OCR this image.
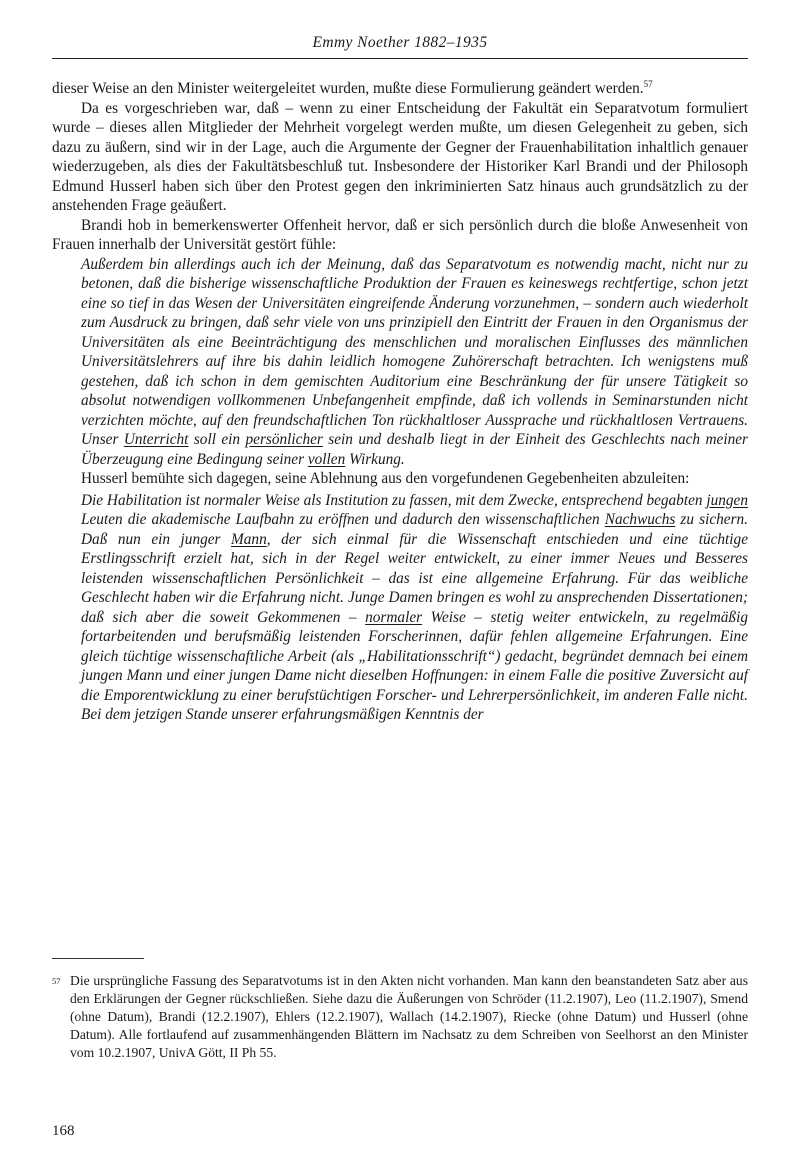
Emmy Noether 1882–1935

dieser Weise an den Minister weitergeleitet wurden, mußte diese Formulierung geändert werden.$^{57}$

Da es vorgeschrieben war, daß – wenn zu einer Entscheidung der Fakultät ein Separatvotum formuliert wurde – dieses allen Mitglieder der Mehrheit vorgelegt werden mußte, um diesen Gelegenheit zu geben, sich dazu zu äußern, sind wir in der Lage, auch die Argumente der Gegner der Frauenhabilitation inhaltlich genauer wiederzugeben, als dies der Fakultätsbeschluß tut. Insbesondere der Historiker Karl Brandi und der Philosoph Edmund Husserl haben sich über den Protest gegen den inkriminierten Satz hinaus auch grundsätzlich zu der anstehenden Frage geäußert.

Brandi hob in bemerkenswerter Offenheit hervor, daß er sich persönlich durch die bloße Anwesenheit von Frauen innerhalb der Universität gestört fühle:

Außerdem bin allerdings auch ich der Meinung, daß das Separatvotum es notwendig macht, nicht nur zu betonen, daß die bisherige wissenschaftliche Produktion der Frauen es keineswegs rechtfertige, schon jetzt eine so tief in das Wesen der Universitäten eingreifende Änderung vorzunehmen, – sondern auch wiederholt zum Ausdruck zu bringen, daß sehr viele von uns prinzipiell den Eintritt der Frauen in den Organismus der Universitäten als eine Beeinträchtigung des menschlichen und moralischen Einflusses des männlichen Universitätslehrers auf ihre bis dahin leidlich homogene Zuhörerschaft betrachten. Ich wenigstens muß gestehen, daß ich schon in dem gemischten Auditorium eine Beschränkung der für unsere Tätigkeit so absolut notwendigen vollkommenen Unbefangenheit empfinde, daß ich vollends in Seminarstunden nicht verzichten möchte, auf den freundschaftlichen Ton rückhaltloser Aussprache und rückhaltlosen Vertrauens. Unser Unterricht soll ein persönlicher sein und deshalb liegt in der Einheit des Geschlechts nach meiner Überzeugung eine Bedingung seiner vollen Wirkung.

Husserl bemühte sich dagegen, seine Ablehnung aus den vorgefundenen Gegebenheiten abzuleiten:

Die Habilitation ist normaler Weise als Institution zu fassen, mit dem Zwecke, entsprechend begabten jungen Leuten die akademische Laufbahn zu eröffnen und dadurch den wissenschaftlichen Nachwuchs zu sichern. Daß nun ein junger Mann, der sich einmal für die Wissenschaft entschieden und eine tüchtige Erstlingsschrift erzielt hat, sich in der Regel weiter entwickelt, zu einer immer Neues und Besseres leistenden wissenschaftlichen Persönlichkeit – das ist eine allgemeine Erfahrung. Für das weibliche Geschlecht haben wir die Erfahrung nicht. Junge Damen bringen es wohl zu ansprechenden Dissertationen; daß sich aber die soweit Gekommenen – normaler Weise – stetig weiter entwickeln, zu regelmäßig fortarbeitenden und berufsmäßig leistenden Forscherinnen, dafür fehlen allgemeine Erfahrungen. Eine gleich tüchtige wissenschaftliche Arbeit (als „Habilitationsschrift“) gedacht, begründet demnach bei einem jungen Mann und einer jungen Dame nicht dieselben Hoffnungen: in einem Falle die positive Zuversicht auf die Emporentwicklung zu einer berufstüchtigen Forscher- und Lehrerpersönlichkeit, im anderen Falle nicht. Bei dem jetzigen Stande unserer erfahrungsmäßigen Kenntnis der

57 Die ursprüngliche Fassung des Separatvotums ist in den Akten nicht vorhanden. Man kann den beanstandeten Satz aber aus den Erklärungen der Gegner rückschließen. Siehe dazu die Äußerungen von Schröder (11.2.1907), Leo (11.2.1907), Smend (ohne Datum), Brandi (12.2.1907), Ehlers (12.2.1907), Wallach (14.2.1907), Riecke (ohne Datum) und Husserl (ohne Datum). Alle fortlaufend auf zusammenhängenden Blättern im Nachsatz zu dem Schreiben von Seelhorst an den Minister vom 10.2.1907, UnivA Gött, II Ph 55.
168
